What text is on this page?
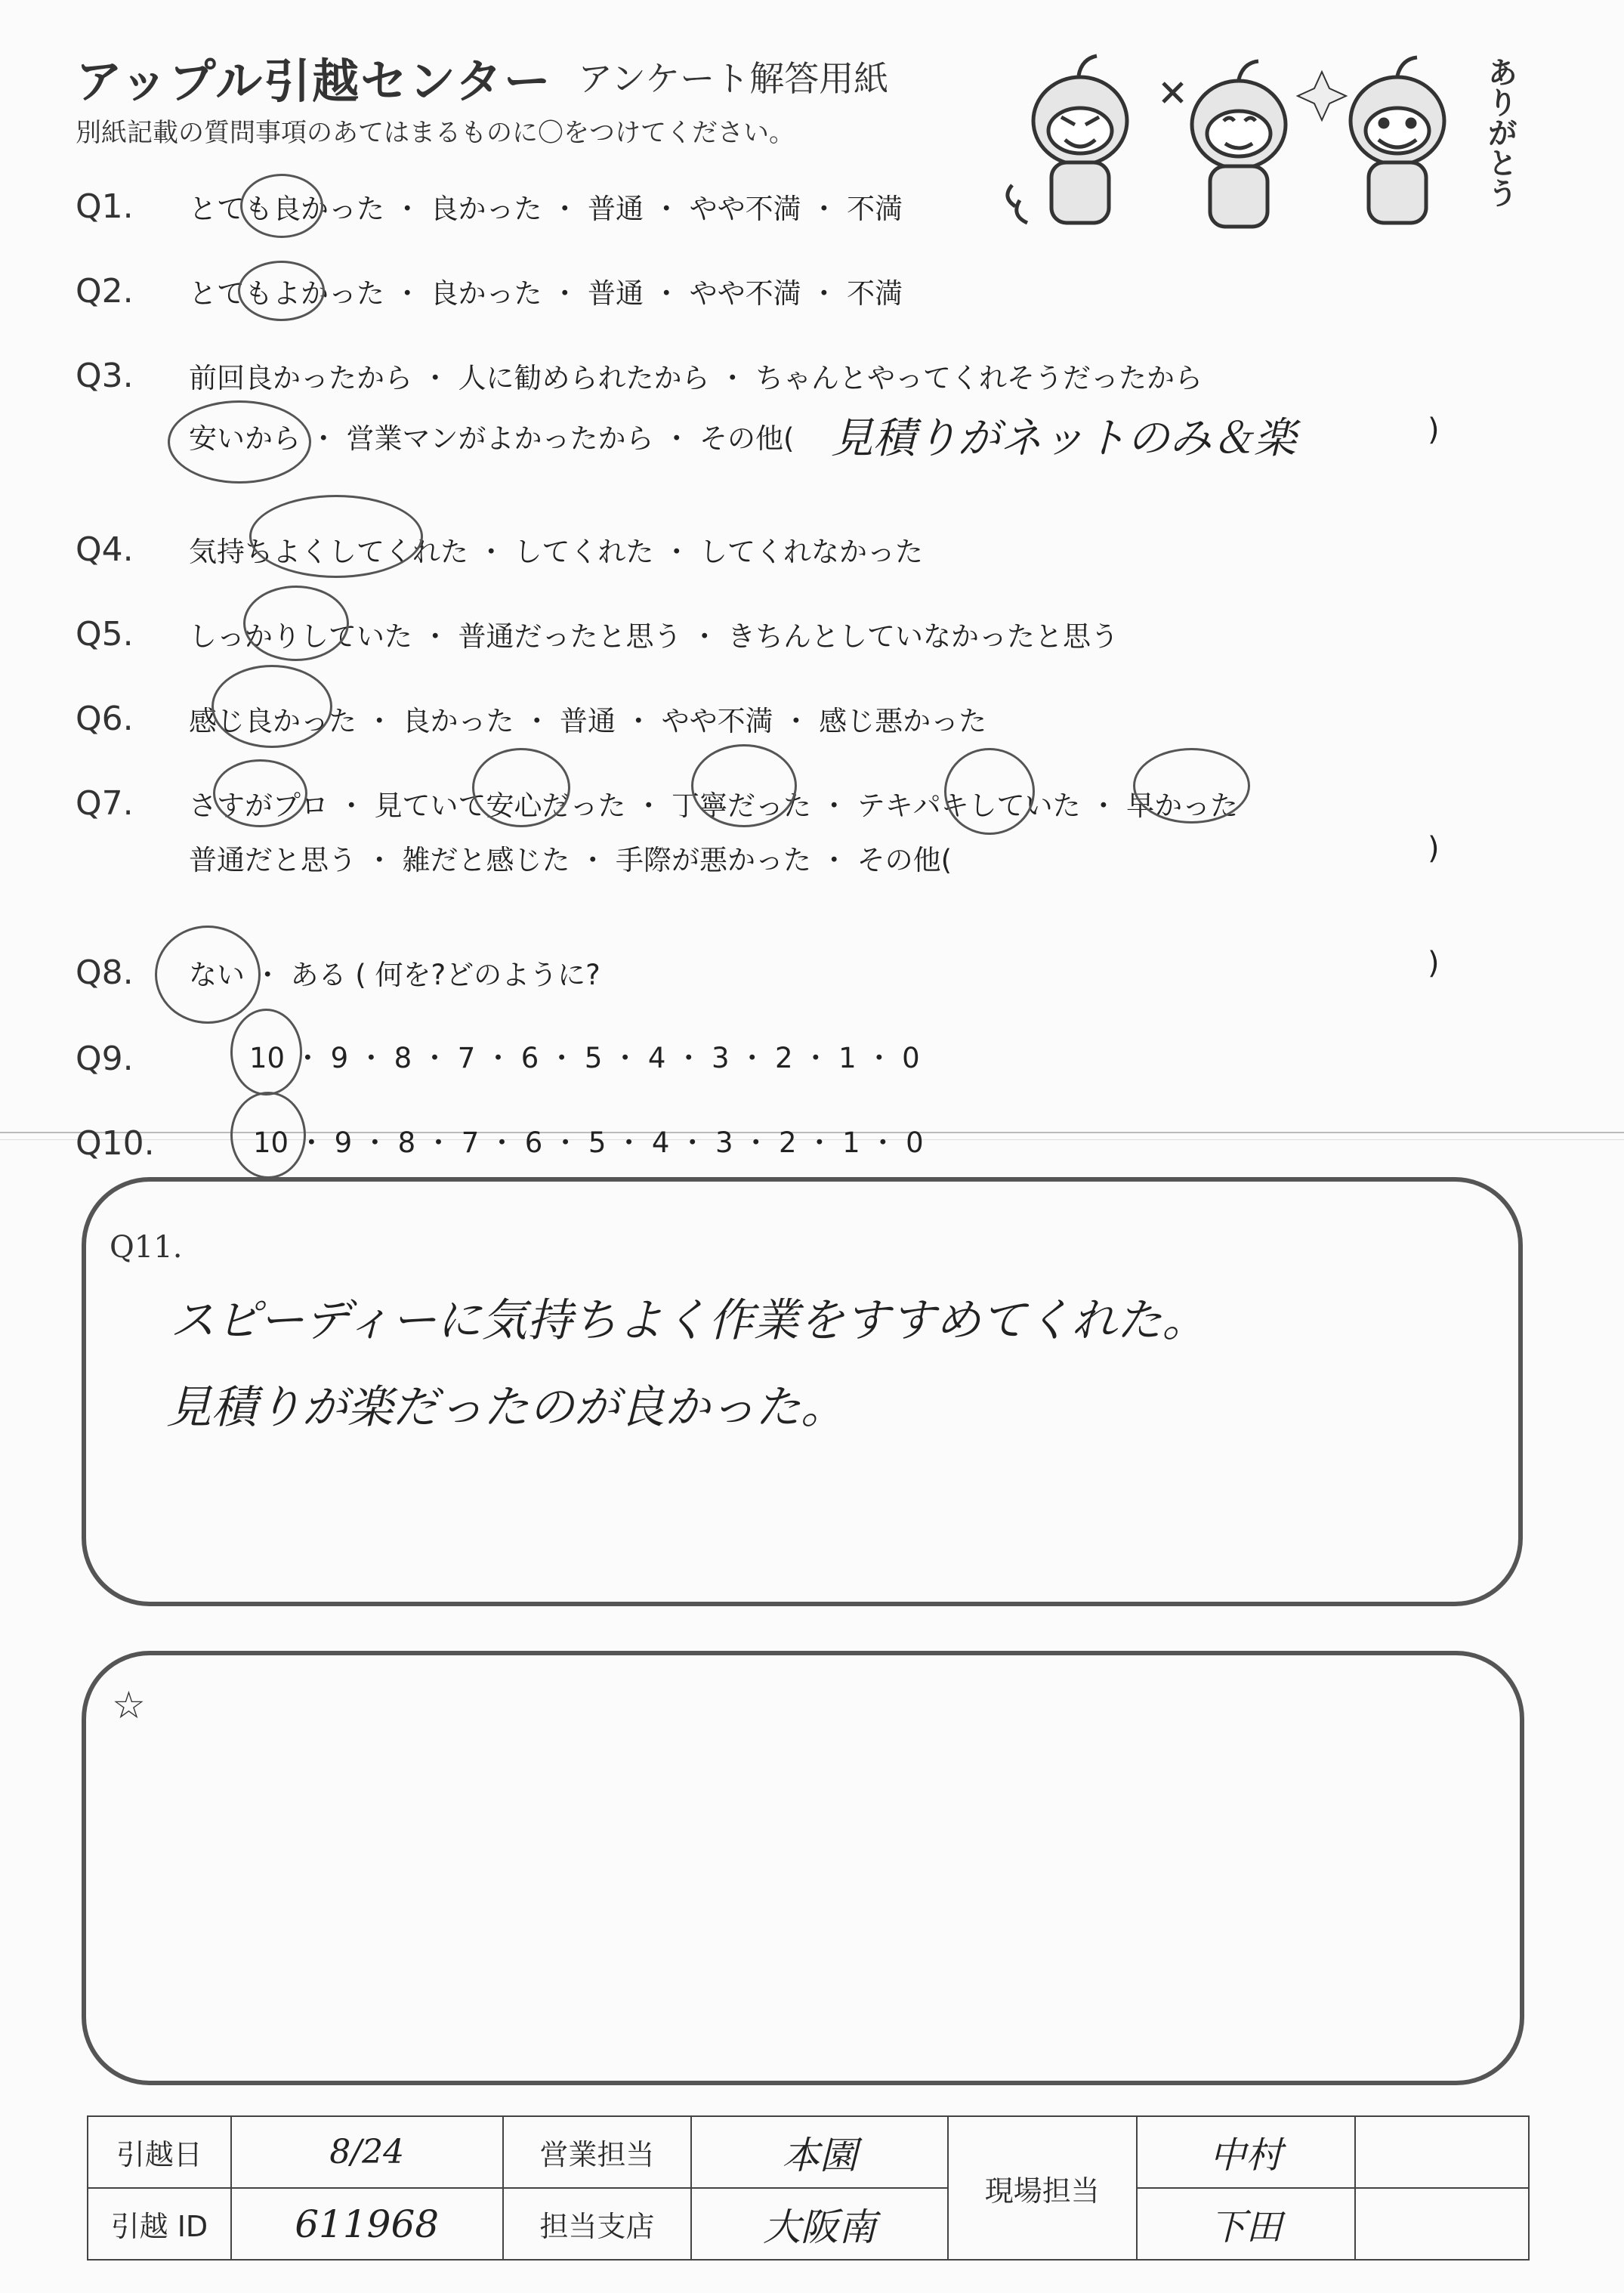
アップル引越センター アンケート解答用紙
別紙記載の質問事項のあてはまるものに〇をつけてください。	ありがとう
Q1. とても良かった ・ 良かった ・ 普通 ・ やや不満 ・ 不満
Q2. とてもよかった ・ 良かった ・ 普通 ・ やや不満 ・ 不満
Q3. 前回良かったから ・ 人に勧められたから ・ ちゃんとやってくれそうだったから
安いから ・ 営業マンがよかったから ・ その他( 見積りがネットのみ＆楽	)
Q4. 気持ちよくしてくれた ・ してくれた ・ してくれなかった
Q5. しっかりしていた ・ 普通だったと思う ・ きちんとしていなかったと思う
Q6. 感じ良かった ・ 良かった ・ 普通 ・ やや不満 ・ 感じ悪かった
Q7. さすがプロ ・ 見ていて安心だった ・ 丁寧だった ・ テキパキしていた ・ 早かった
普通だと思う ・ 雑だと感じた ・ 手際が悪かった ・ その他(	)
Q8. ない ・ ある ( 何を?どのように?	)
Q9.	10 ・ 9 ・ 8 ・ 7 ・ 6 ・ 5 ・ 4 ・ 3 ・ 2 ・ 1 ・ 0
Q10.	10 ・ 9 ・ 8 ・ 7 ・ 6 ・ 5 ・ 4 ・ 3 ・ 2 ・ 1 ・ 0
Q11.
スピーディーに気持ちよく作業をすすめてくれた。
見積りが楽だったのが良かった。
☆
引越日	8/24	営業担当	本園	現場担当	中村	
引越 ID	611968	担当支店	大阪南		下田	
